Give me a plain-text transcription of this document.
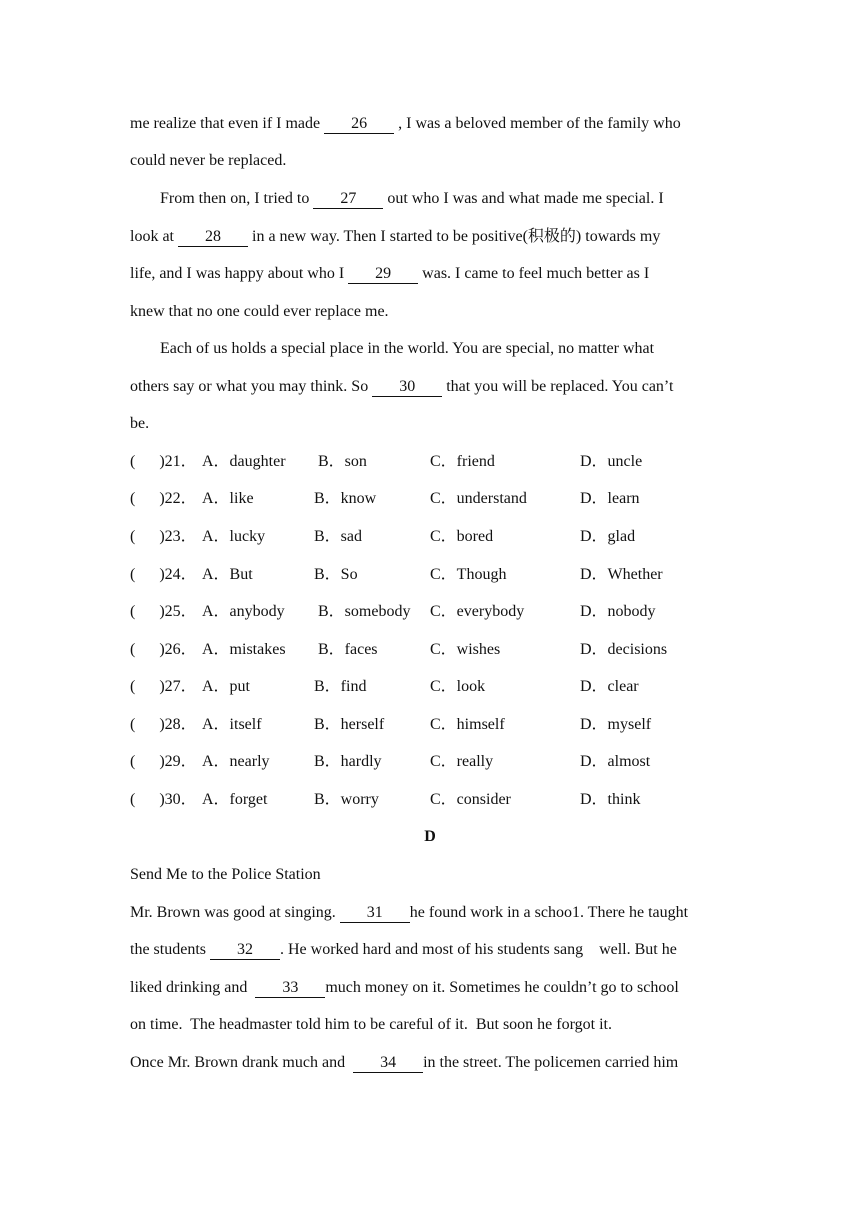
me realize that even if I made 26 , I was a beloved member of the family who
could never be replaced.
From then on, I tried to 27 out who I was and what made me special. I
look at 28 in a new way. Then I started to be positive(积极的) towards my
life, and I was happy about who I 29 was. I came to feel much better as I
knew that no one could ever replace me.
Each of us holds a special place in the world. You are special, no matter what
others say or what you may think. So 30 that you will be replaced. You can’t
be.
(      )21． A．daughter B．son	C．friend	D．uncle
(      )22． A．like	B．know	C．understand	D．learn
(      )23． A．lucky	B．sad	C．bored	D．glad
(      )24． A．But	B．So	C．Though	D．Whether
(      )25． A．anybody B．somebody C．everybody	D．nobody
(      )26． A．mistakes B．faces	C．wishes	D．decisions
(      )27． A．put	B．find	C．look	D．clear
(      )28． A．itself	B．herself	C．himself	D．myself
(      )29． A．nearly	B．hardly	C．really	D．almost
(      )30． A．forget	B．worry	C．consider	D．think
D
Send Me to the Police Station
Mr. Brown was good at singing. 31 he found work in a schoo1. There he taught
the students 32 . He worked hard and most of his students sang    well. But he
liked drinking and  33 much money on it. Sometimes he couldn’t go to school
on time.  The headmaster told him to be careful of it.  But soon he forgot it.
Once Mr. Brown drank much and  34 in the street. The policemen carried him
